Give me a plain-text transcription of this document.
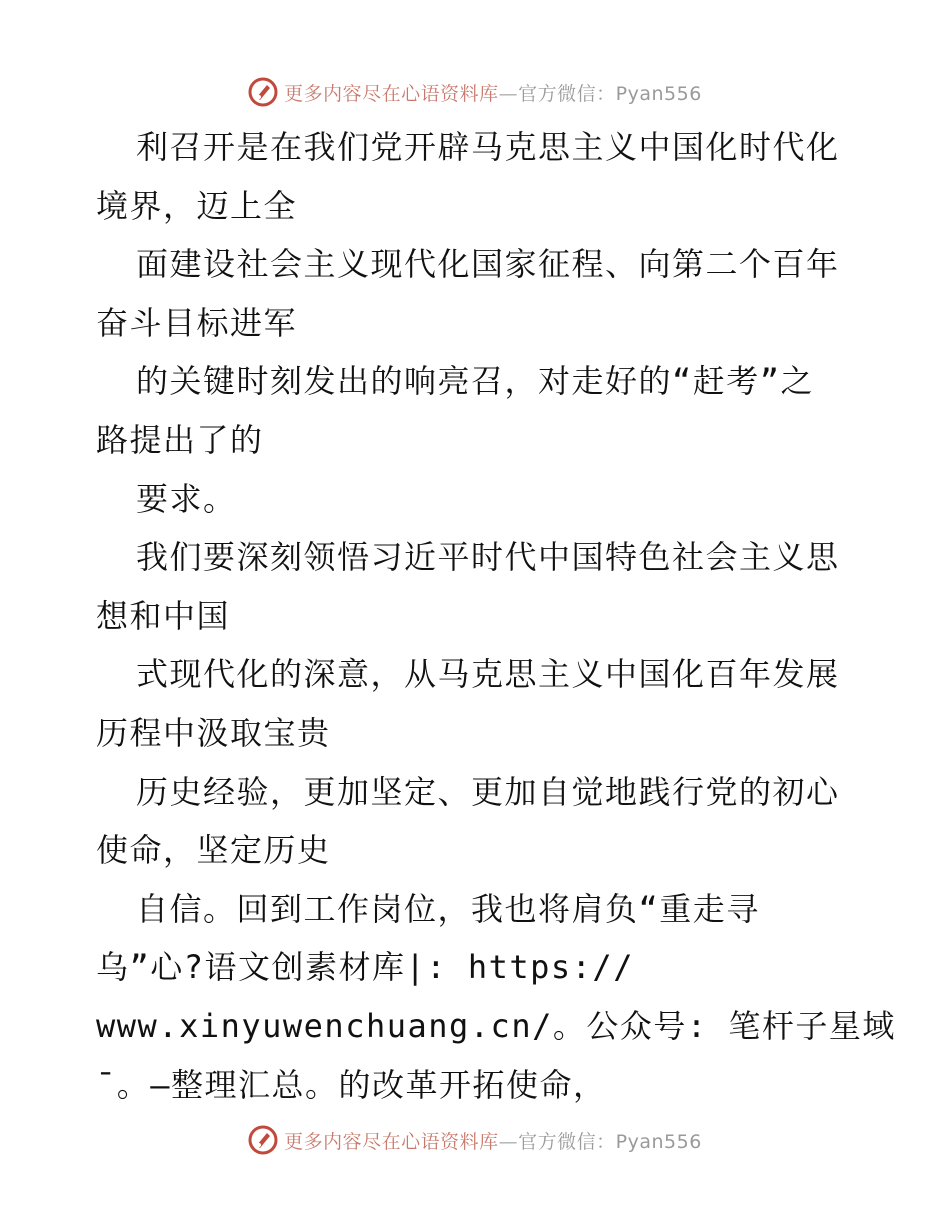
更多内容尽在心语资料库—官方微信：Pyan556
利召开是在我们党开辟马克思主义中国化时代化
境界，迈上全
面建设社会主义现代化国家征程、向第二个百年
奋斗目标进军
的关键时刻发出的响亮召，对走好的“赶考”之
路提出了的
要求。
我们要深刻领悟习近平时代中国特色社会主义思
想和中国
式现代化的深意，从马克思主义中国化百年发展
历程中汲取宝贵
历史经验，更加坚定、更加自觉地践行党的初心
使命，坚定历史
自信。回到工作岗位，我也将肩负“重走寻
乌”心?语文创素材库|: https://
www.xinyuwenchuang.cn/。公众号: 笔杆子星域
ˉ。—整理汇总。的改革开拓使命，
更多内容尽在心语资料库—官方微信：Pyan556
